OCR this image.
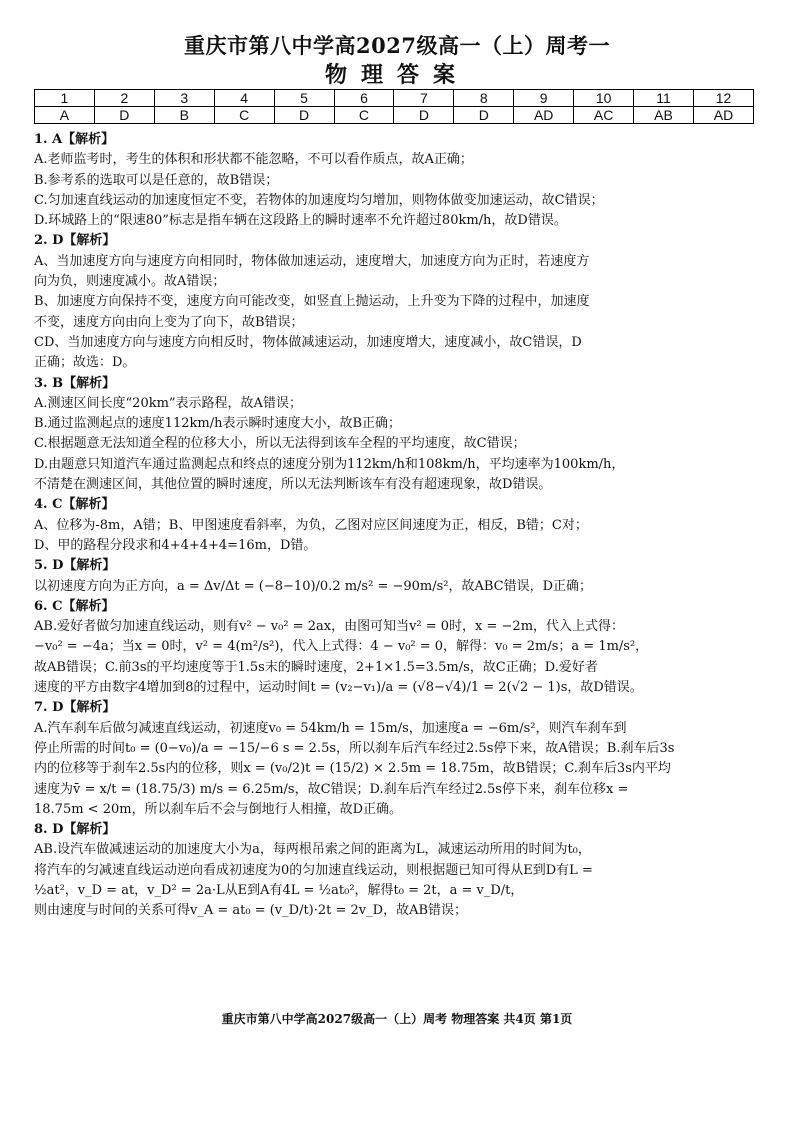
重庆市第八中学高2027级高一（上）周考一
物理答案
1	2	3	4	5	6	7	8	9	10	11	12
A	D	B	C	D	C	D	D	AD	AC	AB	AD

1. A【解析】

A.老师监考时，考生的体积和形状都不能忽略，不可以看作质点，故A正确；

B.参考系的选取可以是任意的，故B错误；

C.匀加速直线运动的加速度恒定不变，若物体的加速度均匀增加，则物体做变加速运动，故C错误；

D.环城路上的“限速80”标志是指车辆在这段路上的瞬时速率不允许超过80km/h，故D错误。

2. D【解析】

A、当加速度方向与速度方向相同时，物体做加速运动，速度增大，加速度方向为正时，若速度方

向为负，则速度减小。故A错误；

B、加速度方向保持不变，速度方向可能改变，如竖直上抛运动，上升变为下降的过程中，加速度

不变，速度方向由向上变为了向下，故B错误；

CD、当加速度方向与速度方向相反时，物体做减速运动，加速度增大，速度减小，故C错误，D

正确；故选：D。

3. B【解析】

A.测速区间长度“20km”表示路程，故A错误；

B.通过监测起点的速度112km/h表示瞬时速度大小，故B正确；

C.根据题意无法知道全程的位移大小，所以无法得到该车全程的平均速度，故C错误；

D.由题意只知道汽车通过监测起点和终点的速度分别为112km/h和108km/h，平均速率为100km/h，

不清楚在测速区间，其他位置的瞬时速度，所以无法判断该车有没有超速现象，故D错误。

4. C【解析】

A、位移为-8m，A错；B、甲图速度看斜率，为负，乙图对应区间速度为正，相反，B错；C对；

D、甲的路程分段求和4+4+4+4=16m，D错。

5. D【解析】

以初速度方向为正方向，a = Δv/Δt = (−8−10)/0.2 m/s² = −90m/s²，故ABC错误，D正确；

6. C【解析】

AB.爱好者做匀加速直线运动，则有v² − v₀² = 2ax，由图可知当v² = 0时，x = −2m，代入上式得：

−v₀² = −4a；当x = 0时，v² = 4(m²/s²)，代入上式得：4 − v₀² = 0，解得：v₀ = 2m/s；a = 1m/s²，

故AB错误；C.前3s的平均速度等于1.5s末的瞬时速度，2+1×1.5=3.5m/s，故C正确；D.爱好者

速度的平方由数字4增加到8的过程中，运动时间t = (v₂−v₁)/a = (√8−√4)/1 = 2(√2 − 1)s，故D错误。

7. D【解析】

A.汽车刹车后做匀减速直线运动，初速度v₀ = 54km/h = 15m/s，加速度a = −6m/s²，则汽车刹车到

停止所需的时间t₀ = (0−v₀)/a = −15/−6 s = 2.5s，所以刹车后汽车经过2.5s停下来，故A错误；B.刹车后3s

内的位移等于刹车2.5s内的位移，则x = (v₀/2)t = (15/2) × 2.5m = 18.75m，故B错误；C.刹车后3s内平均

速度为v̄ = x/t = (18.75/3) m/s = 6.25m/s，故C错误；D.刹车后汽车经过2.5s停下来，刹车位移x =

18.75m < 20m，所以刹车后不会与倒地行人相撞，故D正确。

8. D【解析】

AB.设汽车做减速运动的加速度大小为a，每两根吊索之间的距离为L，减速运动所用的时间为t₀，

将汽车的匀减速直线运动逆向看成初速度为0的匀加速直线运动，则根据题已知可得从E到D有L =

½at²，v_D = at，v_D² = 2a·L从E到A有4L = ½at₀²，解得t₀ = 2t，a = v_D/t，

则由速度与时间的关系可得v_A = at₀ = (v_D/t)·2t = 2v_D，故AB错误；

重庆市第八中学高2027级高一（上）周考 物理答案 共4页 第1页
